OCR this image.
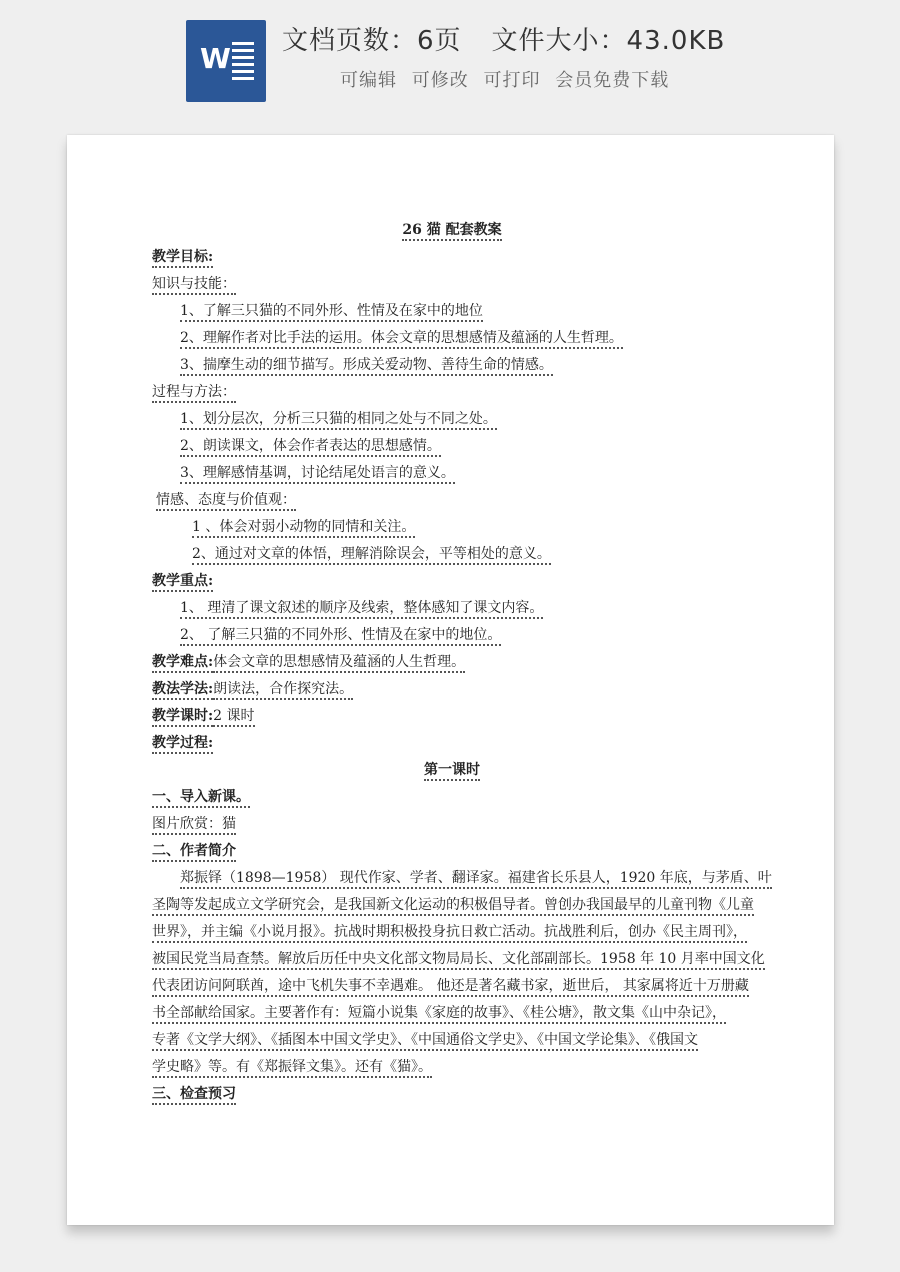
W
文档页数：6页 文件大小：43.0KB
可编辑 可修改 可打印 会员免费下载
26 猫 配套教案
教学目标:
知识与技能：
1、了解三只猫的不同外形、性情及在家中的地位
2、理解作者对比手法的运用。体会文章的思想感情及蕴涵的人生哲理。
3、揣摩生动的细节描写。形成关爱动物、善待生命的情感。
过程与方法：
1、划分层次，分析三只猫的相同之处与不同之处。
2、朗读课文，体会作者表达的思想感情。
3、理解感情基调，讨论结尾处语言的意义。
情感、态度与价值观：
1 、体会对弱小动物的同情和关注。
2、通过对文章的体悟，理解消除误会，平等相处的意义。
教学重点:
1、 理清了课文叙述的顺序及线索，整体感知了课文内容。
2、 了解三只猫的不同外形、性情及在家中的地位。
教学难点:体会文章的思想感情及蕴涵的人生哲理。
教法学法:朗读法，合作探究法。
教学课时:2 课时
教学过程:
第一课时
一、导入新课。
图片欣赏：猫
二、作者简介
郑振铎（1898—1958） 现代作家、学者、翻译家。福建省长乐县人，1920 年底，与茅盾、叶
圣陶等发起成立文学研究会，是我国新文化运动的积极倡导者。曾创办我国最早的儿童刊物《儿童
世界》，并主编《小说月报》。抗战时期积极投身抗日救亡活动。抗战胜利后，创办《民主周刊》，
被国民党当局查禁。解放后历任中央文化部文物局局长、文化部副部长。1958 年 10 月率中国文化
代表团访问阿联酋，途中飞机失事不幸遇难。 他还是著名藏书家，逝世后， 其家属将近十万册藏
书全部献给国家。主要著作有：短篇小说集《家庭的故事》、《桂公塘》，散文集《山中杂记》，
专著《文学大纲》、《插图本中国文学史》、《中国通俗文学史》、《中国文学论集》、《俄国文
学史略》等。有《郑振铎文集》。还有《猫》。
三、检查预习
